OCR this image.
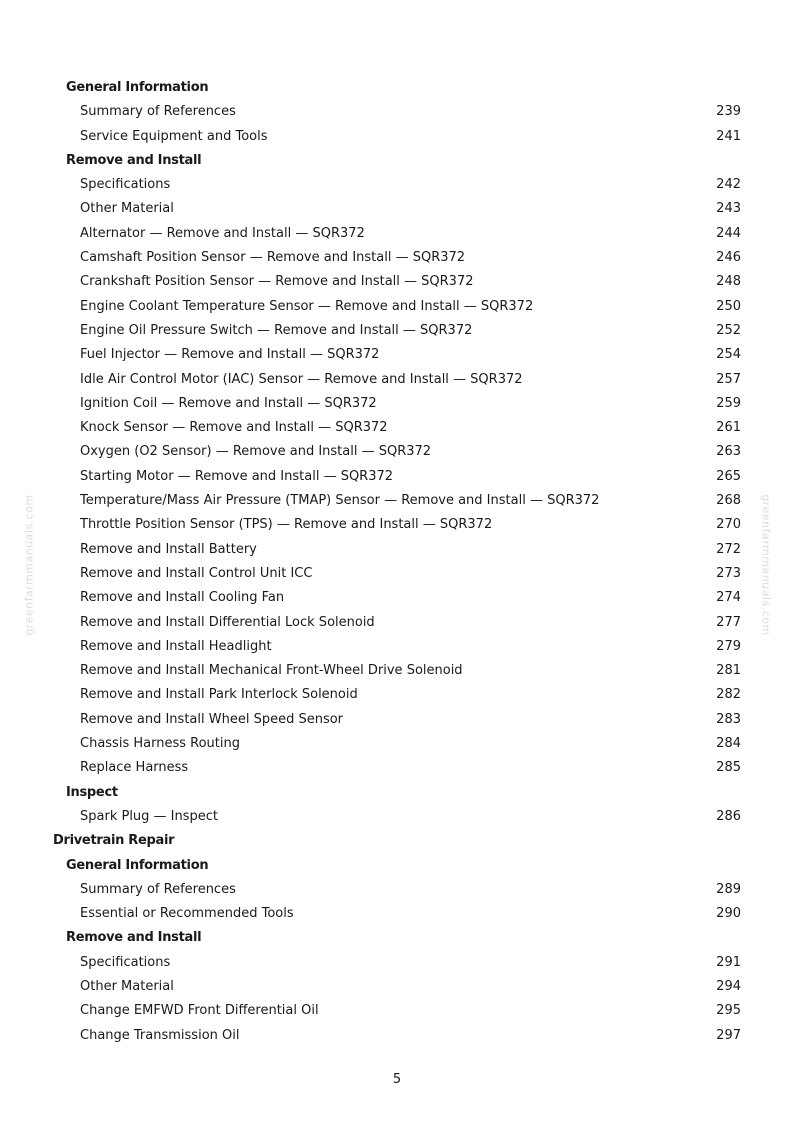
greenfarmmanuals.com	greenfarmmanuals.com
General Information
Summary of References	239
Service Equipment and Tools	241
Remove and Install
Specifications	242
Other Material	243
Alternator — Remove and Install — SQR372	244
Camshaft Position Sensor — Remove and Install — SQR372	246
Crankshaft Position Sensor — Remove and Install — SQR372	248
Engine Coolant Temperature Sensor — Remove and Install — SQR372	250
Engine Oil Pressure Switch — Remove and Install — SQR372	252
Fuel Injector — Remove and Install — SQR372	254
Idle Air Control Motor (IAC) Sensor — Remove and Install — SQR372	257
Ignition Coil — Remove and Install — SQR372	259
Knock Sensor — Remove and Install — SQR372	261
Oxygen (O2 Sensor) — Remove and Install — SQR372	263
Starting Motor — Remove and Install — SQR372	265
Temperature/Mass Air Pressure (TMAP) Sensor — Remove and Install — SQR372	268
Throttle Position Sensor (TPS) — Remove and Install — SQR372	270
Remove and Install Battery	272
Remove and Install Control Unit ICC	273
Remove and Install Cooling Fan	274
Remove and Install Differential Lock Solenoid	277
Remove and Install Headlight	279
Remove and Install Mechanical Front-Wheel Drive Solenoid	281
Remove and Install Park Interlock Solenoid	282
Remove and Install Wheel Speed Sensor	283
Chassis Harness Routing	284
Replace Harness	285
Inspect
Spark Plug — Inspect	286
Drivetrain Repair
General Information
Summary of References	289
Essential or Recommended Tools	290
Remove and Install
Specifications	291
Other Material	294
Change EMFWD Front Differential Oil	295
Change Transmission Oil	297
5
